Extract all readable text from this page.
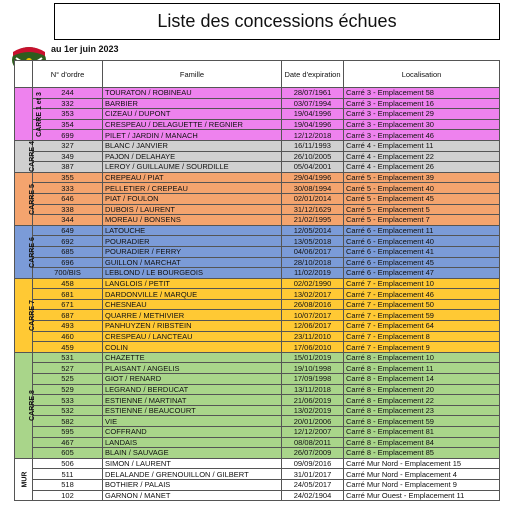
Liste des concessions échues
au 1er juin 2023
	N° d'ordre	Famille	Date d'expiration	Localisation
CARRE 1 et 3	244	TOURATON / ROBINEAU	28/07/1961	Carré 3 - Emplacement 58
	332	BARBIER	03/07/1994	Carré 3 - Emplacement 16
	353	CIZEAU / DUPONT	19/04/1996	Carré 3 - Emplacement 29
	354	CRESPEAU / DELAGUETTE / REGNIER	19/04/1996	Carré 3 - Emplacement 30
	699	PILET / JARDIN / MANACH	12/12/2018	Carré 3 - Emplacement 46
CARRE 4	327	BLANC / JANVIER	16/11/1993	Carré 4 - Emplacement 11
	349	PAJON / DELAHAYE	26/10/2005	Carré 4 - Emplacement 22
	387	LEROY / GUILLAUME / SOURDILLE	05/04/2001	Carré 4 - Emplacement 26
CARRE 5	355	CREPEAU / PIAT	29/04/1996	Carré 5 - Emplacement 39
	333	PELLETIER / CREPEAU	30/08/1994	Carré 5 - Emplacement 40
	646	PIAT / FOULON	02/01/2014	Carré 5 - Emplacement 45
	338	DUBOIS / LAURENT	31/12/1629	Carré 5 - Emplacement 5
	344	MOREAU / BONSENS	21/02/1995	Carré 5 - Emplacement 7
CARRE 6	649	LATOUCHE	12/05/2014	Carré 6 - Emplacement 11
	692	POURADIER	13/05/2018	Carré 6 - Emplacement 40
	685	POURADIER / FERRY	04/06/2017	Carré 6 - Emplacement 41
	696	GUILLON / MARCHAT	28/10/2018	Carré 6 - Emplacement 45
	700/BIS	LEBLOND / LE BOURGEOIS	11/02/2019	Carré 6 - Emplacement 47
CARRE 7	458	LANGLOIS / PETIT	02/02/1990	Carré 7 - Emplacement 10
	681	DARDONVILLE / MARQUE	13/02/2017	Carré 7 - Emplacement 46
	671	CHESNEAU	26/08/2016	Carré 7 - Emplacement 50
	687	QUARRE / METHIVIER	10/07/2017	Carré 7 - Emplacement 59
	493	PANHUYZEN / RIBSTEIN	12/06/2017	Carré 7 - Emplacement 64
	460	CRESPEAU / LANCTEAU	23/11/2010	Carré 7 - Emplacement 8
	459	COLIN	17/06/2010	Carré 7 - Emplacement 9
CARRE 8	531	CHAZETTE	15/01/2019	Carré 8 - Emplacement 10
	527	PLAISANT / ANGELIS	19/10/1998	Carré 8 - Emplacement 11
	525	GIOT / RENARD	17/09/1998	Carré 8 - Emplacement 14
	529	LEGRAND / BERDUCAT	13/11/2018	Carré 8 - Emplacement 20
	533	ESTIENNE / MARTINAT	21/06/2019	Carré 8 - Emplacement 22
	532	ESTIENNE / BEAUCOURT	13/02/2019	Carré 8 - Emplacement 23
	582	VIE	20/01/2006	Carré 8 - Emplacement 59
	595	COFFRAND	12/12/2007	Carré 8 - Emplacement 81
	467	LANDAIS	08/08/2011	Carré 8 - Emplacement 84
	605	BLAIN / SAUVAGE	26/07/2009	Carré 8 - Emplacement 85
MUR	506	SIMON / LAURENT	09/09/2016	Carré Mur Nord - Emplacement 15
	511	DELALANDE / GRENOUILLON / GILBERT	31/01/2017	Carré Mur Nord - Emplacement 4
	518	BOTHIER / PALAIS	24/05/2017	Carré Mur Nord - Emplacement 9
	102	GARNON / MANET	24/02/1904	Carré Mur Ouest - Emplacement 11
